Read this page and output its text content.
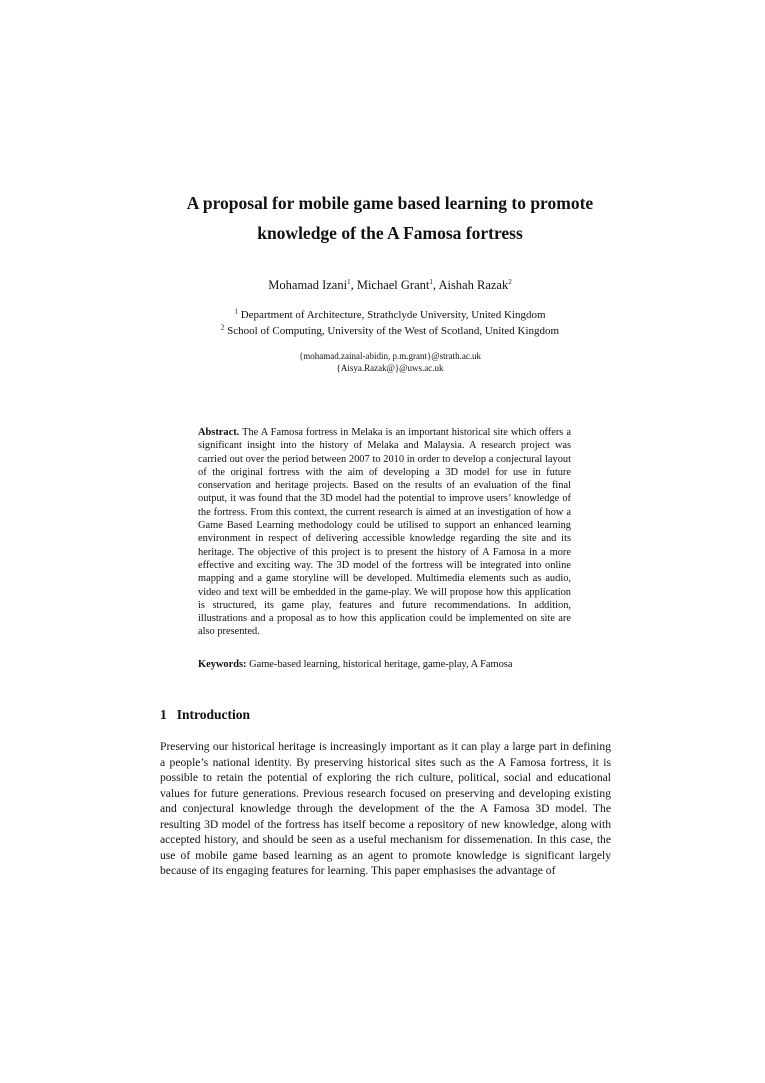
A proposal for mobile game based learning to promote
knowledge of the A Famosa fortress
Mohamad Izani$^1$, Michael Grant$^1$, Aishah Razak$^2$
$^1$ Department of Architecture, Strathclyde University, United Kingdom
$^2$ School of Computing, University of the West of Scotland, United Kingdom
{mohamad.zainal-abidin, p.m.grant}@strath.ac.uk
{Aisya.Razak@}@uws.ac.uk
Abstract. The A Famosa fortress in Melaka is an important historical site which offers a significant insight into the history of Melaka and Malaysia. A research project was carried out over the period between 2007 to 2010 in order to develop a conjectural layout of the original fortress with the aim of developing a 3D model for use in future conservation and heritage projects. Based on the results of an evaluation of the final output, it was found that the 3D model had the potential to improve users’ knowledge of the fortress. From this context, the current research is aimed at an investigation of how a Game Based Learning methodology could be utilised to support an enhanced learning environment in respect of delivering accessible knowledge regarding the site and its heritage. The objective of this project is to present the history of A Famosa in a more effective and exciting way. The 3D model of the fortress will be integrated into online mapping and a game storyline will be developed. Multimedia elements such as audio, video and text will be embedded in the game-play. We will propose how this application is structured, its game play, features and future recommendations. In addition, illustrations and a proposal as to how this application could be implemented on site are also presented.
Keywords: Game-based learning, historical heritage, game-play, A Famosa
1 Introduction
Preserving our historical heritage is increasingly important as it can play a large part in defining a people’s national identity. By preserving historical sites such as the A Famosa fortress, it is possible to retain the potential of exploring the rich culture, political, social and educational values for future generations. Previous research focused on preserving and developing existing and conjectural knowledge through the development of the the A Famosa 3D model. The resulting 3D model of the fortress has itself become a repository of new knowledge, along with accepted history, and should be seen as a useful mechanism for dissemenation. In this case, the use of mobile game based learning as an agent to promote knowledge is significant largely because of its engaging features for learning. This paper emphasises the advantage of
